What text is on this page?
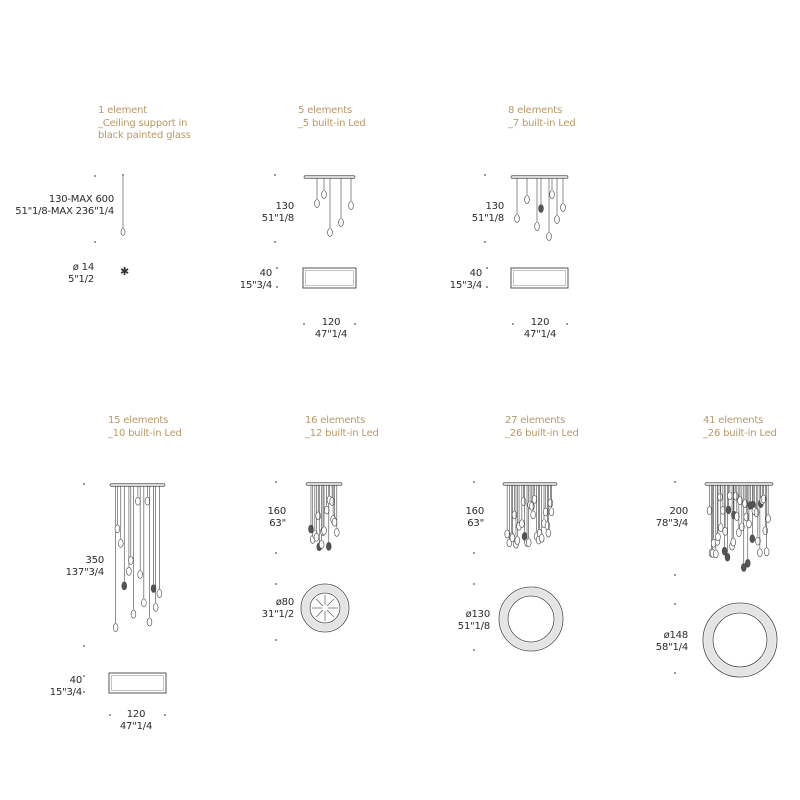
✱
1 element
_Ceiling support in
black painted glass
130-MAX 600
51"1/8-MAX 236"1/4
ø 14
5"1/2
5 elements
_5 built-in Led
130
51"1/8
40
15"3/4
120
47"1/4
8 elements
_7 built-in Led
130
51"1/8
40
15"3/4
120
47"1/4
15 elements
_10 built-in Led
350
137"3/4
40
15"3/4
120
47"1/4
16 elements
_12 built-in Led
160
63"
ø80
31"1/2
27 elements
_26 built-in Led
160
63"
ø130
51"1/8
41 elements
_26 built-in Led
200
78"3/4
ø148
58"1/4
